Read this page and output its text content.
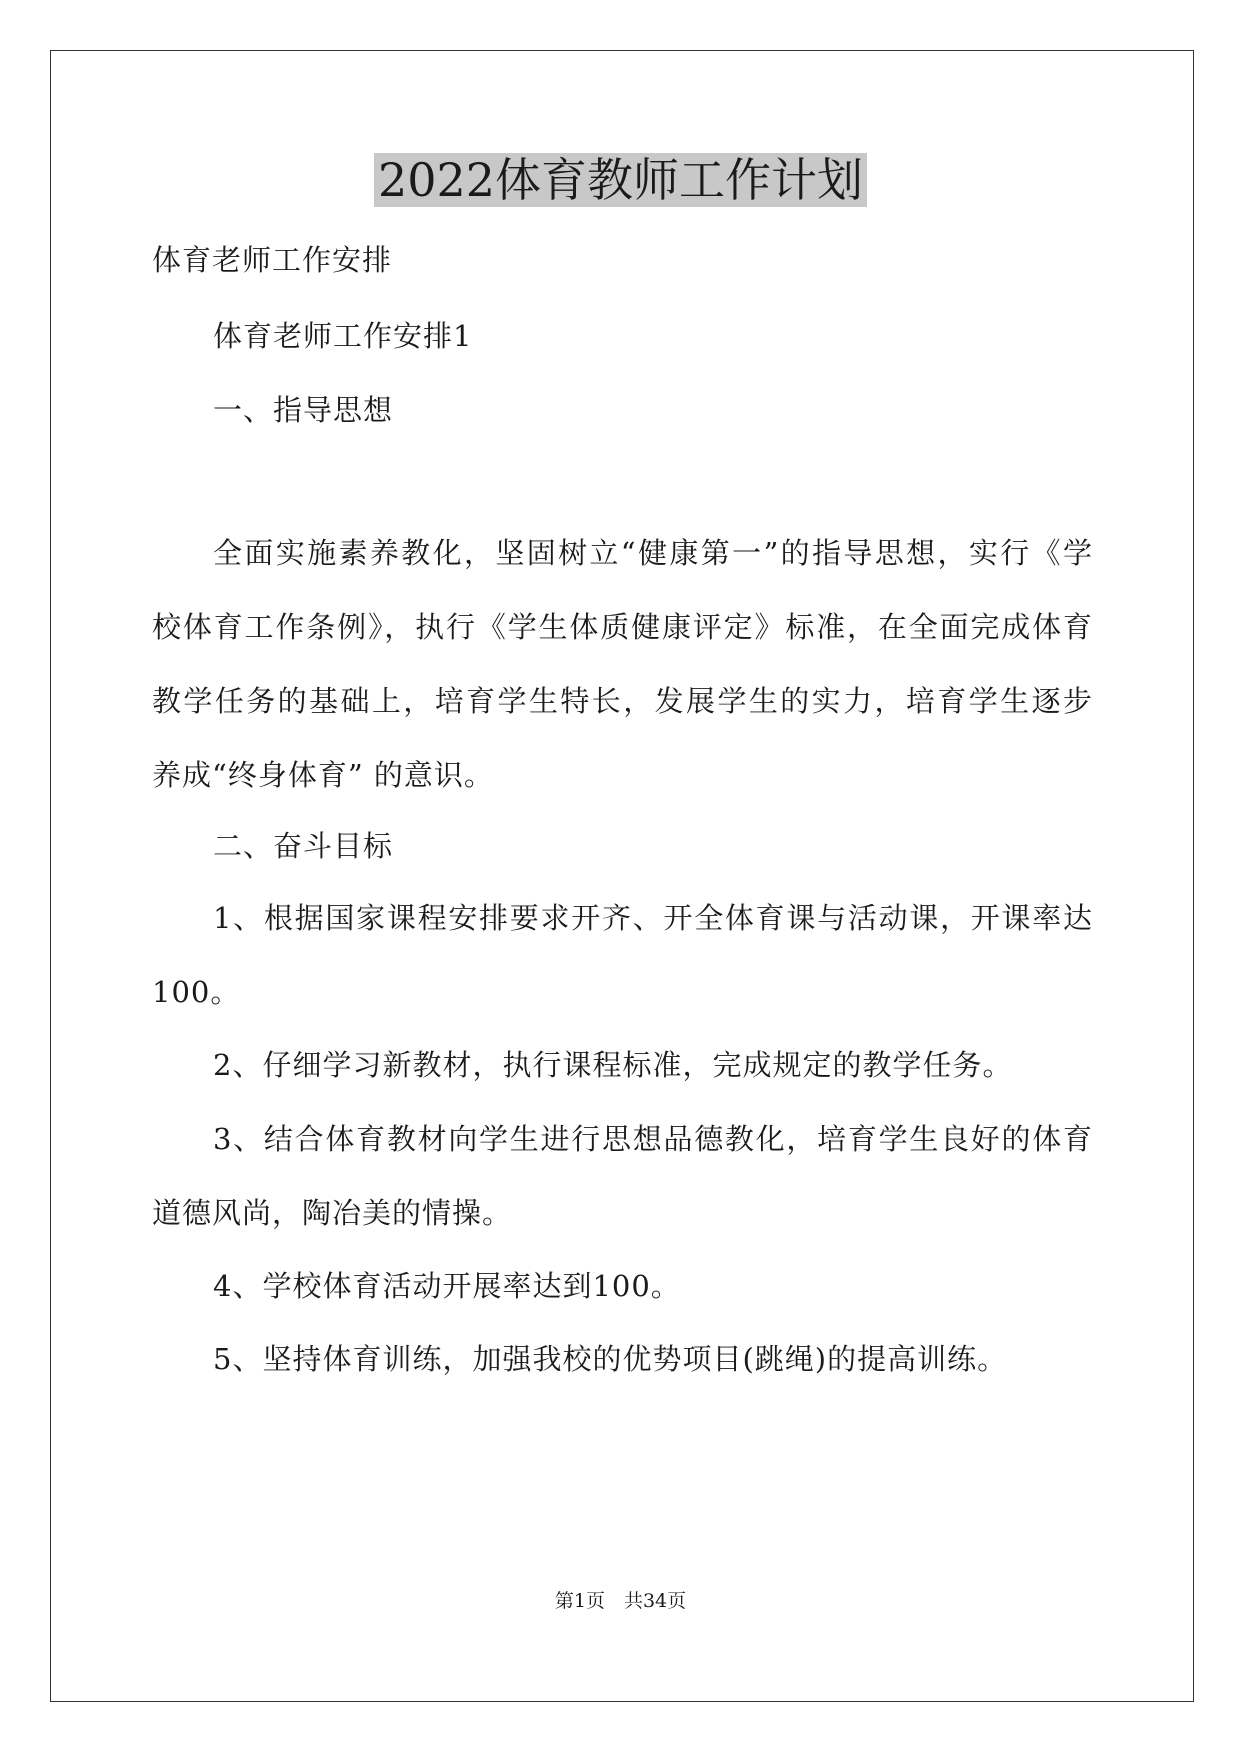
2022体育教师工作计划
体育老师工作安排
体育老师工作安排1
一、指导思想
全面实施素养教化，坚固树立“健康第一”的指导思想，实行《学
校体育工作条例》，执行《学生体质健康评定》标准，在全面完成体育
教学任务的基础上，培育学生特长，发展学生的实力，培育学生逐步
养成“终身体育” 的意识。
二、奋斗目标
1、根据国家课程安排要求开齐、开全体育课与活动课，开课率达
100。
2、仔细学习新教材，执行课程标准，完成规定的教学任务。
3、结合体育教材向学生进行思想品德教化，培育学生良好的体育
道德风尚，陶冶美的情操。
4、学校体育活动开展率达到100。
5、坚持体育训练，加强我校的优势项目(跳绳)的提高训练。
第1页　共34页
